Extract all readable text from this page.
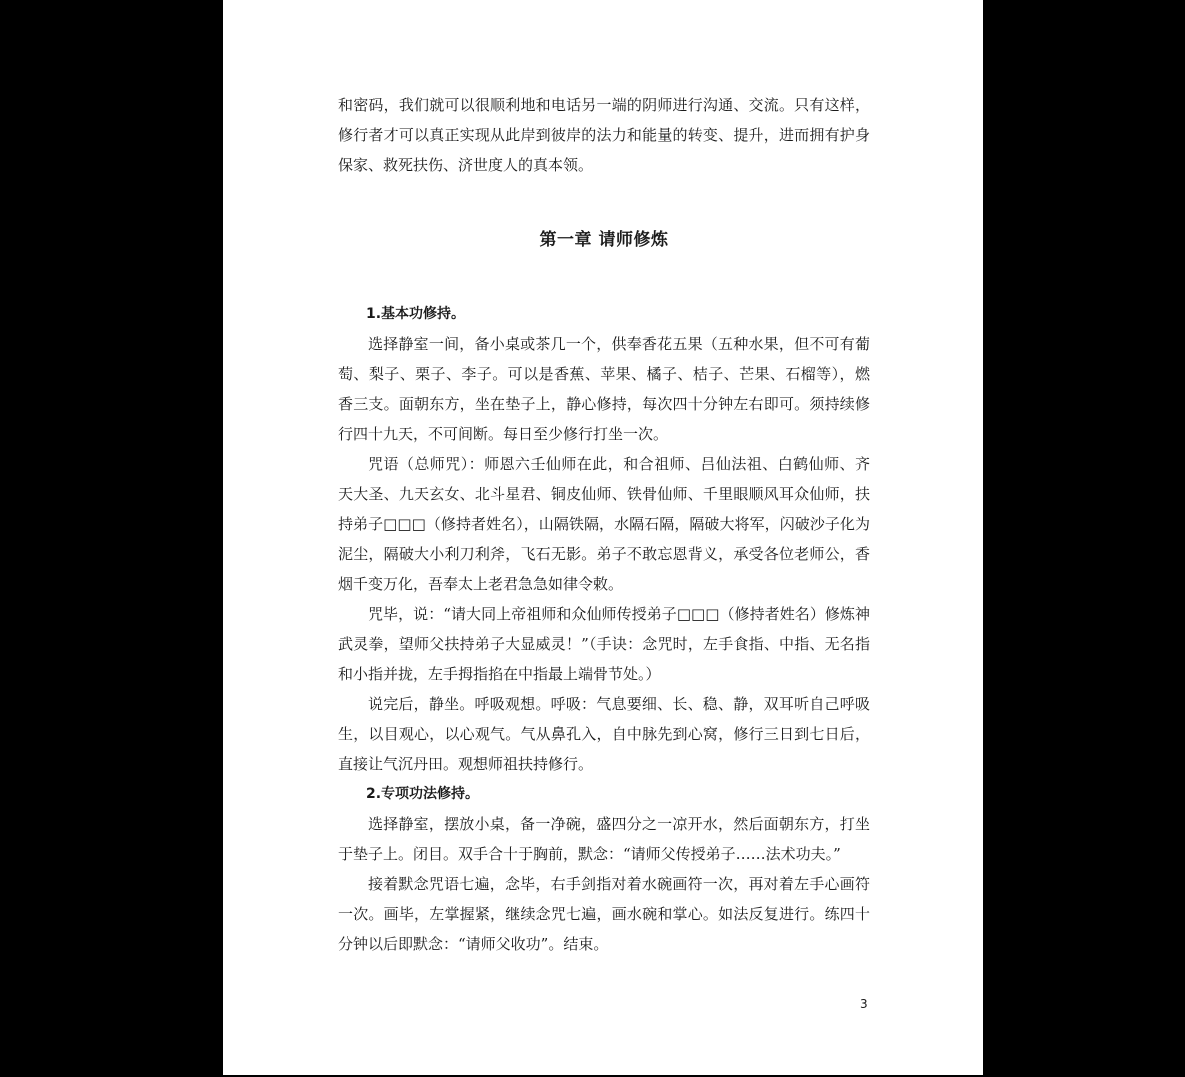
和密码，我们就可以很顺利地和电话另一端的阴师进行沟通、交流。只有这样，修行者才可以真正实现从此岸到彼岸的法力和能量的转变、提升，进而拥有护身保家、救死扶伤、济世度人的真本领。

第一章 请师修炼

1.基本功修持。

选择静室一间，备小桌或茶几一个，供奉香花五果（五种水果，但不可有葡萄、梨子、栗子、李子。可以是香蕉、苹果、橘子、桔子、芒果、石榴等），燃香三支。面朝东方，坐在垫子上，静心修持，每次四十分钟左右即可。须持续修行四十九天，不可间断。每日至少修行打坐一次。

咒语（总师咒）：师恩六壬仙师在此，和合祖师、吕仙法祖、白鹤仙师、齐天大圣、九天玄女、北斗星君、铜皮仙师、铁骨仙师、千里眼顺风耳众仙师，扶持弟子□□□（修持者姓名），山隔铁隔，水隔石隔，隔破大将军，闪破沙子化为泥尘，隔破大小利刀利斧，飞石无影。弟子不敢忘恩背义，承受各位老师公，香烟千变万化，吾奉太上老君急急如律令敕。

咒毕，说：“请大同上帝祖师和众仙师传授弟子□□□（修持者姓名）修炼神武灵拳，望师父扶持弟子大显威灵！”（手诀：念咒时，左手食指、中指、无名指和小指并拢，左手拇指掐在中指最上端骨节处。）

说完后，静坐。呼吸观想。呼吸：气息要细、长、稳、静，双耳听自己呼吸生，以目观心，以心观气。气从鼻孔入，自中脉先到心窝，修行三日到七日后，直接让气沉丹田。观想师祖扶持修行。

2.专项功法修持。

选择静室，摆放小桌，备一净碗，盛四分之一凉开水，然后面朝东方，打坐于垫子上。闭目。双手合十于胸前，默念：“请师父传授弟子……法术功夫。”

接着默念咒语七遍，念毕，右手剑指对着水碗画符一次，再对着左手心画符一次。画毕，左掌握紧，继续念咒七遍，画水碗和掌心。如法反复进行。练四十分钟以后即默念：“请师父收功”。结束。

3
